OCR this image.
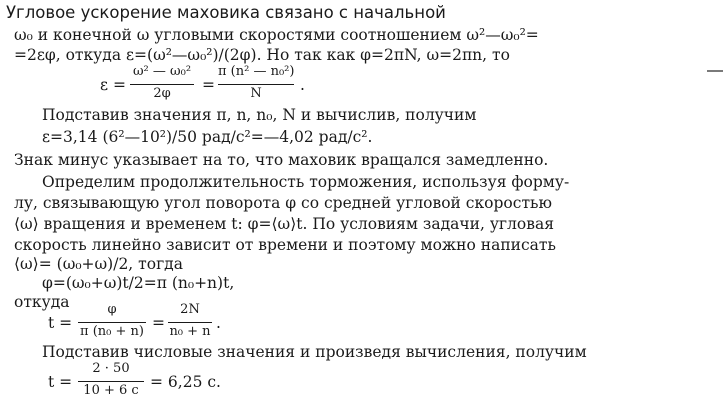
Угловое ускорение маховика связано с начальной
ω₀ и конечной ω угловыми скоростями соотношением ω²—ω₀²=
=2εφ, откуда ε=(ω²—ω₀²)/(2φ). Но так как φ=2πN, ω=2πn, то
ε =
ω² — ω₀²
2φ	=
π (n² — n₀²)
N	.
Подставив значения π, n, n₀, N и вычислив, получим
ε=3,14 (6²—10²)/50 рад/с²=—4,02 рад/с².
Знак минус указывает на то, что маховик вращался замедленно.
Определим продолжительность торможения, используя форму-
лу, связывающую угол поворота φ со средней угловой скоростью
⟨ω⟩ вращения и временем t: φ=⟨ω⟩t. По условиям задачи, угловая
скорость линейно зависит от времени и поэтому можно написать
⟨ω⟩= (ω₀+ω)/2, тогда
φ=(ω₀+ω)t/2=π (n₀+n)t,
откуда
t =
φ
π (n₀ + n) =
2N
n₀ + n .
Подставив числовые значения и произведя вычисления, получим
t =
2 · 50
10 + 6 с = 6,25 с.
